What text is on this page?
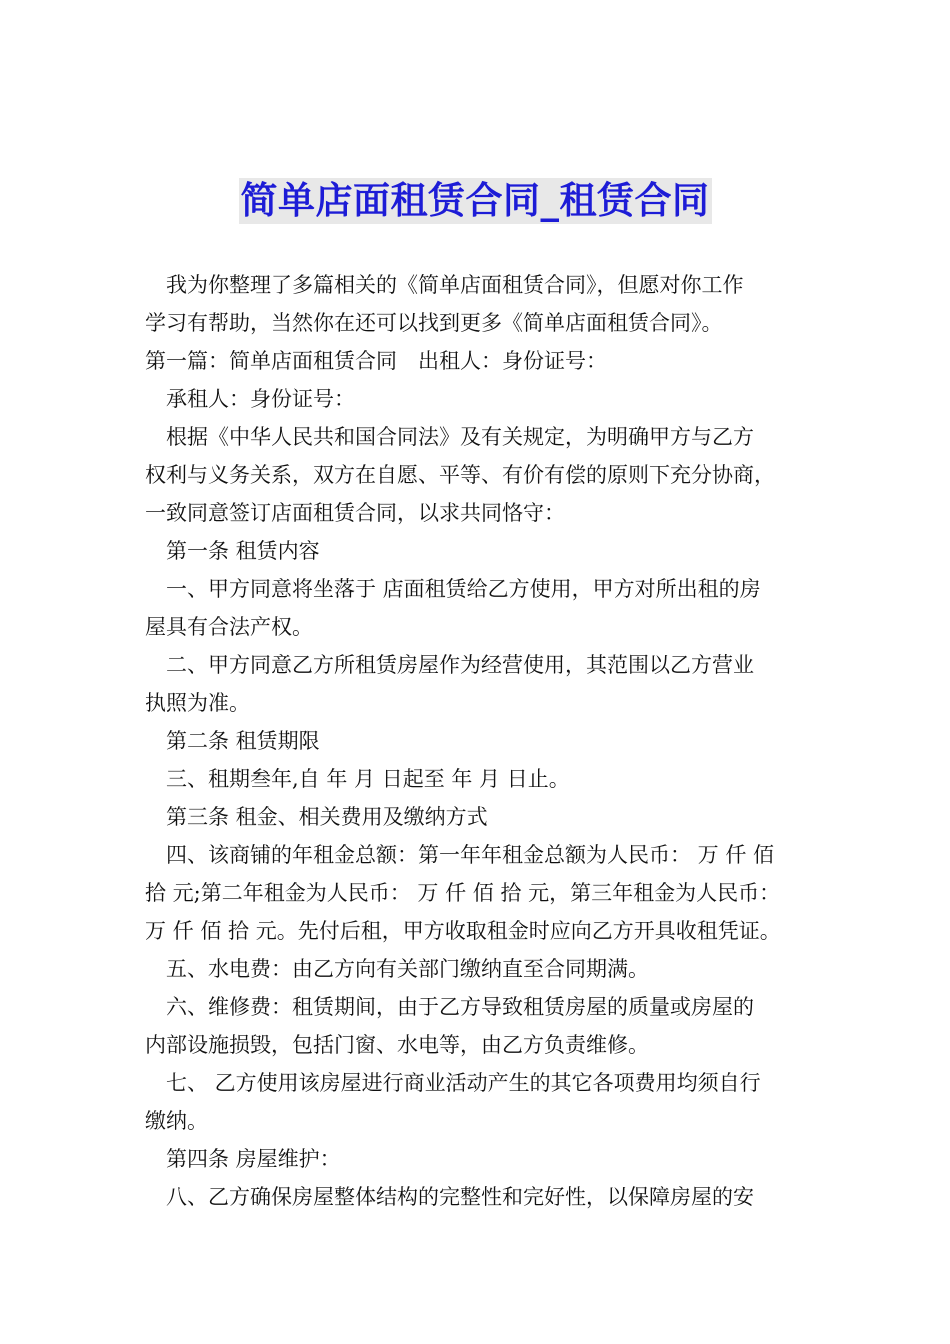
简单店面租赁合同_租赁合同
我为你整理了多篇相关的《简单店面租赁合同》，但愿对你工作
学习有帮助，当然你在还可以找到更多《简单店面租赁合同》。
第一篇：简单店面租赁合同　出租人：身份证号：
承租人：身份证号：
根据《中华人民共和国合同法》及有关规定，为明确甲方与乙方
权利与义务关系，双方在自愿、平等、有价有偿的原则下充分协商，
一致同意签订店面租赁合同，以求共同恪守：
第一条 租赁内容
一、甲方同意将坐落于 店面租赁给乙方使用，甲方对所出租的房
屋具有合法产权。
二、甲方同意乙方所租赁房屋作为经营使用，其范围以乙方营业
执照为准。
第二条 租赁期限
三、租期叁年,自 年 月 日起至 年 月 日止。
第三条 租金、相关费用及缴纳方式
四、该商铺的年租金总额：第一年年租金总额为人民币： 万 仟 佰
拾 元;第二年租金为人民币： 万 仟 佰 拾 元，第三年租金为人民币：
万 仟 佰 拾 元。先付后租，甲方收取租金时应向乙方开具收租凭证。
五、水电费：由乙方向有关部门缴纳直至合同期满。
六、维修费：租赁期间，由于乙方导致租赁房屋的质量或房屋的
内部设施损毁，包括门窗、水电等，由乙方负责维修。
七、 乙方使用该房屋进行商业活动产生的其它各项费用均须自行
缴纳。
第四条 房屋维护：
八、乙方确保房屋整体结构的完整性和完好性，以保障房屋的安
